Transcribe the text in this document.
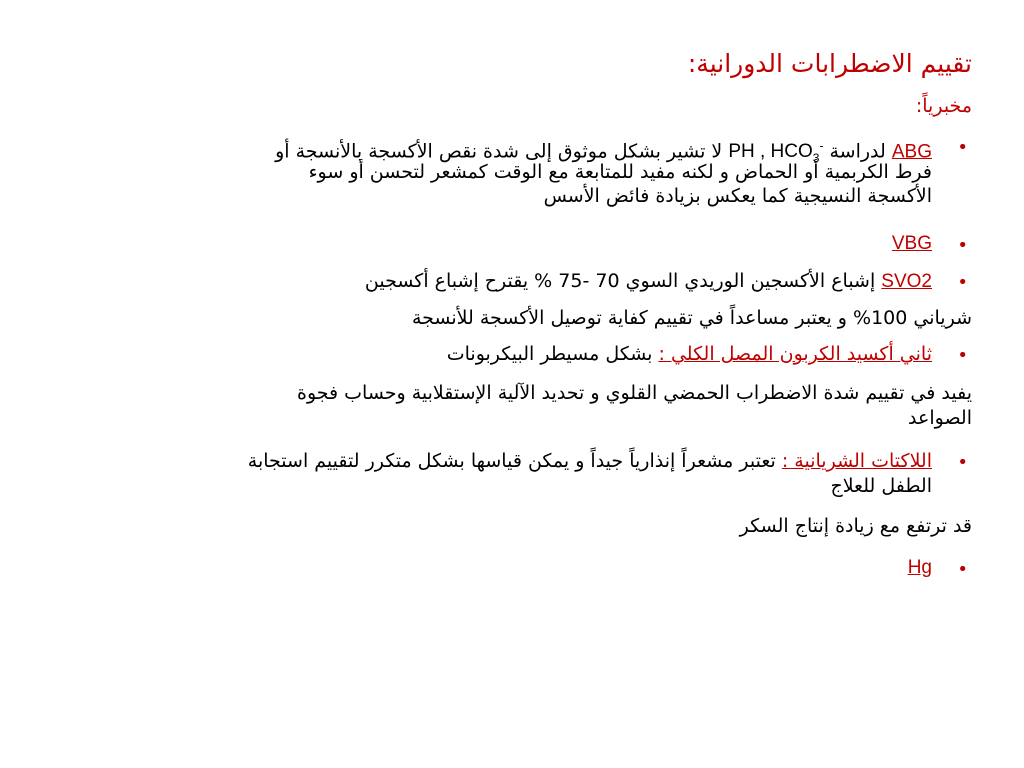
تقييم الاضطرابات الدورانية:
مخبرياً:
•
ABG لدراسة PH , $HCO_3^-$ لا تشير بشكل موثوق إلى شدة نقص الأكسجة بالأنسجة أو
فرط الكربمية أو الحماض و لكنه مفيد للمتابعة مع الوقت كمشعر لتحسن أو سوء
الأكسجة النسيجية كما يعكس بزيادة فائض الأسس
•
VBG
•
SVO2 إشباع الأكسجين الوريدي السوي 70 -75 % يقترح إشباع أكسجين
شرياني 100% و يعتبر مساعداً في تقييم كفاية توصيل الأكسجة للأنسجة
•
ثاني أكسيد الكربون المصل الكلي : بشكل مسيطر البيكربونات
يفيد في تقييم شدة الاضطراب الحمضي القلوي و تحديد الآلية الإستقلابية وحساب فجوة
الصواعد
•
اللاكتات الشريانية : تعتبر مشعراً إنذارياً جيداً و يمكن قياسها بشكل متكرر لتقييم استجابة
الطفل للعلاج
قد ترتفع مع زيادة إنتاج السكر
•
Hg
